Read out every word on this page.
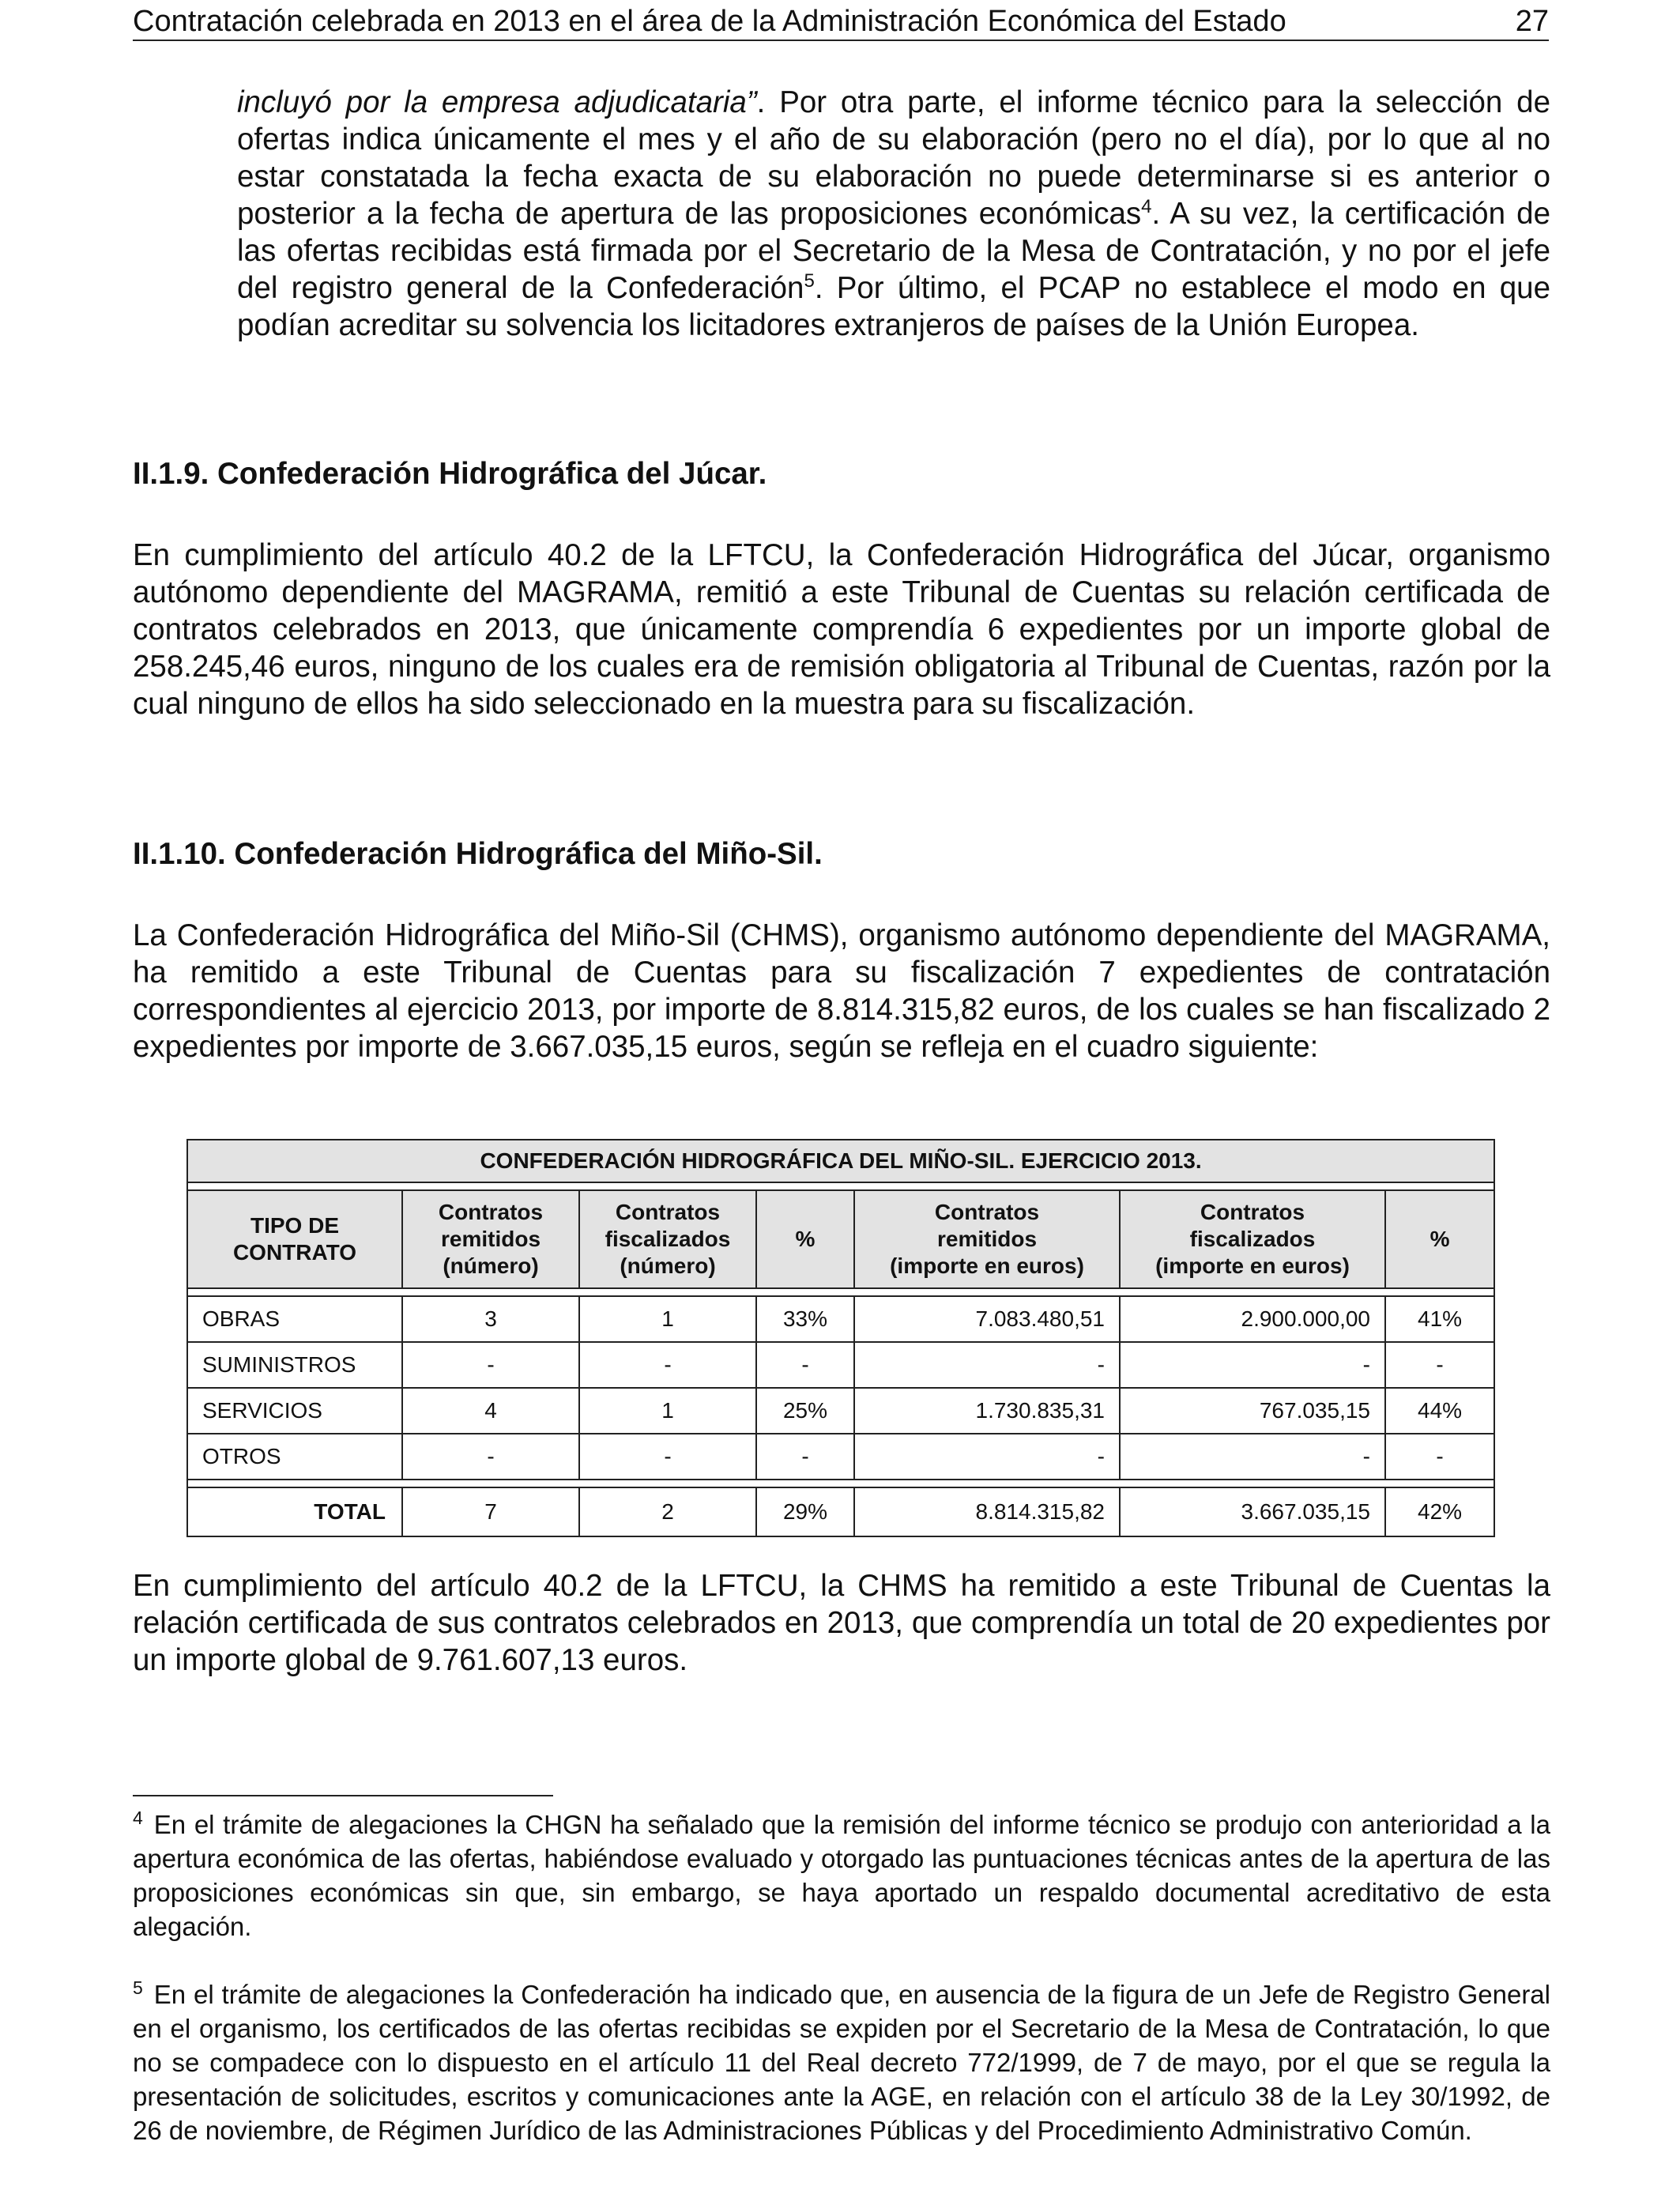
Contratación celebrada en 2013 en el área de la Administración Económica del Estado	27

incluyó por la empresa adjudicataria”. Por otra parte, el informe técnico para la selección de ofertas indica únicamente el mes y el año de su elaboración (pero no el día), por lo que al no estar constatada la fecha exacta de su elaboración no puede determinarse si es anterior o posterior a la fecha de apertura de las proposiciones económicas$^4$. A su vez, la certificación de las ofertas recibidas está firmada por el Secretario de la Mesa de Contratación, y no por el jefe del registro general de la Confederación$^5$. Por último, el PCAP no establece el modo en que podían acreditar su solvencia los licitadores extranjeros de países de la Unión Europea.

II.1.9. Confederación Hidrográfica del Júcar.

En cumplimiento del artículo 40.2 de la LFTCU, la Confederación Hidrográfica del Júcar, organismo autónomo dependiente del MAGRAMA, remitió a este Tribunal de Cuentas su relación certificada de contratos celebrados en 2013, que únicamente comprendía 6 expedientes por un importe global de 258.245,46 euros, ninguno de los cuales era de remisión obligatoria al Tribunal de Cuentas, razón por la cual ninguno de ellos ha sido seleccionado en la muestra para su fiscalización.

II.1.10. Confederación Hidrográfica del Miño-Sil.

La Confederación Hidrográfica del Miño-Sil (CHMS), organismo autónomo dependiente del MAGRAMA, ha remitido a este Tribunal de Cuentas para su fiscalización 7 expedientes de contratación correspondientes al ejercicio 2013, por importe de 8.814.315,82 euros, de los cuales se han fiscalizado 2 expedientes por importe de 3.667.035,15 euros, según se refleja en el cuadro siguiente:

CONFEDERACIÓN HIDROGRÁFICA DEL MIÑO-SIL. EJERCICIO 2013.						

TIPO DE
CONTRATO	Contratos
remitidos
(número)	Contratos
fiscalizados
(número)	%	Contratos
remitidos
(importe en euros)	Contratos
fiscalizados
(importe en euros)	%

OBRAS	3	1	33%	7.083.480,51	2.900.000,00	41%
SUMINISTROS	-	-	-	-	-	-
SERVICIOS	4	1	25%	1.730.835,31	767.035,15	44%
OTROS	-	-	-	-	-	-

TOTAL	7	2	29%	8.814.315,82	3.667.035,15	42%

En cumplimiento del artículo 40.2 de la LFTCU, la CHMS ha remitido a este Tribunal de Cuentas la relación certificada de sus contratos celebrados en 2013, que comprendía un total de 20 expedientes por un importe global de 9.761.607,13 euros.

$^4$ En el trámite de alegaciones la CHGN ha señalado que la remisión del informe técnico se produjo con anterioridad a la apertura económica de las ofertas, habiéndose evaluado y otorgado las puntuaciones técnicas antes de la apertura de las proposiciones económicas sin que, sin embargo, se haya aportado un respaldo documental acreditativo de esta alegación.

$^5$ En el trámite de alegaciones la Confederación ha indicado que, en ausencia de la figura de un Jefe de Registro General en el organismo, los certificados de las ofertas recibidas se expiden por el Secretario de la Mesa de Contratación, lo que no se compadece con lo dispuesto en el artículo 11 del Real decreto 772/1999, de 7 de mayo, por el que se regula la presentación de solicitudes, escritos y comunicaciones ante la AGE, en relación con el artículo 38 de la Ley 30/1992, de 26 de noviembre, de Régimen Jurídico de las Administraciones Públicas y del Procedimiento Administrativo Común.
